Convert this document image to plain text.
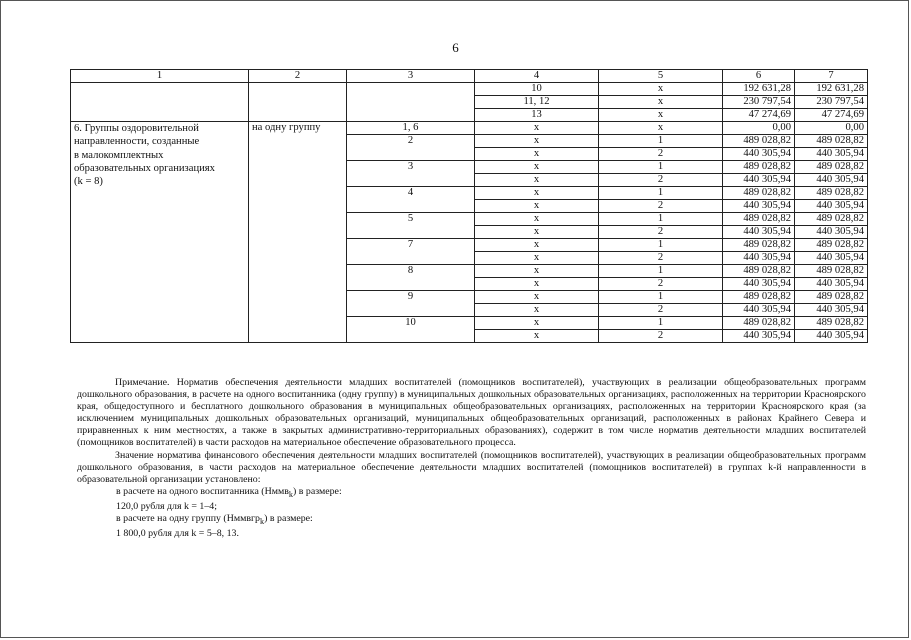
6
1	2	3	4	5	6	7
			10	х	192 631,28	192 631,28
			11, 12	х	230 797,54	230 797,54
			13	х	47 274,69	47 274,69

6. Группы оздоровительной
направленности, созданные
в малокомплектных
образовательных организациях
(k = 8)	на одну группу	1, 6	х	х	0,00	0,00
		2	х	1	489 028,82	489 028,82
			х	2	440 305,94	440 305,94
		3	х	1	489 028,82	489 028,82
			х	2	440 305,94	440 305,94
		4	х	1	489 028,82	489 028,82
			х	2	440 305,94	440 305,94
		5	х	1	489 028,82	489 028,82
			х	2	440 305,94	440 305,94
		7	х	1	489 028,82	489 028,82
			х	2	440 305,94	440 305,94
		8	х	1	489 028,82	489 028,82
			х	2	440 305,94	440 305,94
		9	х	1	489 028,82	489 028,82
			х	2	440 305,94	440 305,94
		10	х	1	489 028,82	489 028,82
			х	2	440 305,94	440 305,94

Примечание. Норматив обеспечения деятельности младших воспитателей (помощников воспитателей), участвующих в реализации общеобразовательных программ дошкольного образования, в расчете на одного воспитанника (одну группу) в муниципальных дошкольных образовательных организациях, расположенных на территории Красноярского края, общедоступного и бесплатного дошкольного образования в муниципальных общеобразовательных организациях, расположенных на территории Красноярского края (за исключением муниципальных дошкольных образовательных организаций, муниципальных общеобразовательных организаций, расположенных в районах Крайнего Севера и приравненных к ним местностях, а также в закрытых административно-территориальных образованиях), содержит в том числе норматив деятельности младших воспитателей (помощников воспитателей) в части расходов на материальное обеспечение образовательного процесса.

Значение норматива финансового обеспечения деятельности младших воспитателей (помощников воспитателей), участвующих в реализации общеобразовательных программ дошкольного образования, в части расходов на материальное обеспечение деятельности младших воспитателей (помощников воспитателей) в группах k-й направленности в образовательной организации установлено:

в расчете на одного воспитанника (Нммв$_k$) в размере:

120,0 рубля для k = 1–4;

в расчете на одну группу (Нммвгр$_k$) в размере:

1 800,0 рубля для k = 5–8, 13.
